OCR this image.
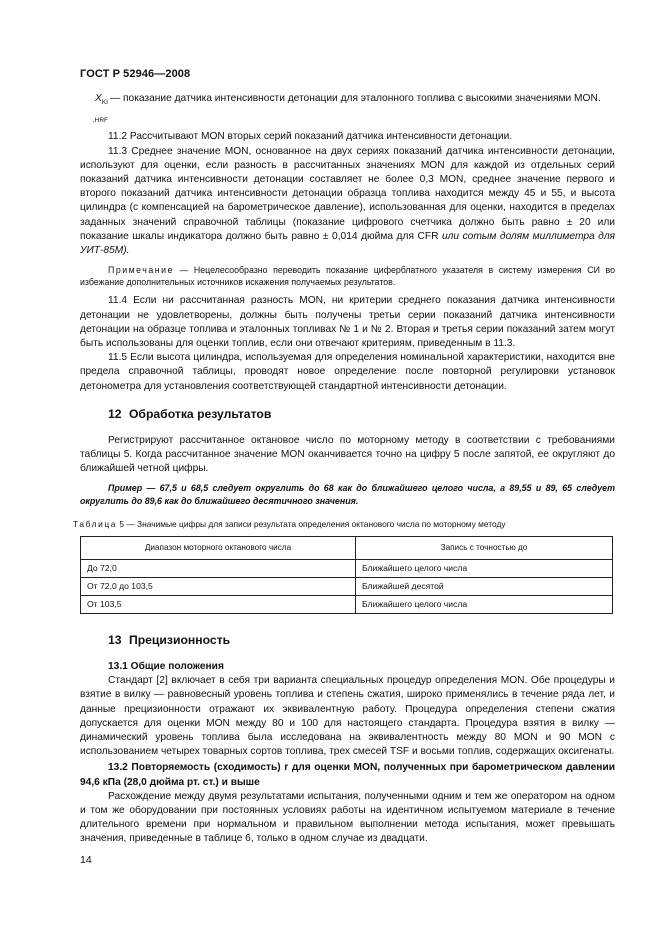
ГОСТ Р 52946—2008
$X_{KI ,HRF}$
— показание датчика интенсивности детонации для эталонного топлива с высокими значениями MON.

11.2 Рассчитывают MON вторых серий показаний датчика интенсивности детонации.

11.3 Среднее значение MON, основанное на двух сериях показаний датчика интенсивности детонации, используют для оценки, если разность в рассчитанных значениях MON для каждой из отдельных серий показаний датчика интенсивности детонации составляет не более 0,3 MON, среднее значение первого и второго показаний датчика интенсивности детонации образца топлива находится между 45 и 55, и высота цилиндра (с компенсацией на барометрическое давление), использованная для оценки, находится в пределах заданных значений справочной таблицы (показание цифрового счетчика должно быть равно ± 20 или показание шкалы индикатора должно быть равно ± 0,014 дюйма для CFR или сотым долям миллиметра для УИТ-85М).

Примечание — Нецелесообразно переводить показание циферблатного указателя в систему измерения СИ во избежание дополнительных источников искажения получаемых результатов.

11.4 Если ни рассчитанная разность MON, ни критерии среднего показания датчика интенсивности детонации не удовлетворены, должны быть получены третьи серии показаний датчика интенсивности детонации на образце топлива и эталонных топливах № 1 и № 2. Вторая и третья серии показаний затем могут быть использованы для оценки топлив, если они отвечают критериям, приведенным в 11.3.

11.5 Если высота цилиндра, используемая для определения номинальной характеристики, находится вне предела справочной таблицы, проводят новое определение после повторной регулировки установок детонометра для установления соответствующей стандартной интенсивности детонации.

12 Обработка результатов

Регистрируют рассчитанное октановое число по моторному методу в соответствии с требованиями таблицы 5. Когда рассчитанное значение MON оканчивается точно на цифру 5 после запятой, ее округляют до ближайшей четной цифры.

Пример — 67,5 и 68,5 следует округлить до 68 как до ближайшего целого числа, а 89,55 и 89, 65 следует округлить до 89,6 как до ближайшего десятичного значения.

Таблица 5 — Значимые цифры для записи результата определения октанового числа по моторному методу

Диапазон моторного октанового числа	Запись с точностью до
До 72,0	Ближайшего целого числа
От 72,0 до 103,5	Ближайшей десятой
От 103,5	Ближайшего целого числа
13 Прецизионность

13.1 Общие положения

Стандарт [2] включает в себя три варианта специальных процедур определения MON. Обе процедуры и взятие в вилку — равновесный уровень топлива и степень сжатия, широко применялись в течение ряда лет, и данные прецизионности отражают их эквивалентную работу. Процедура определения степени сжатия допускается для оценки MON между 80 и 100 для настоящего стандарта. Процедура взятия в вилку — динамический уровень топлива была исследована на эквивалентность между 80 MON и 90 MON с использованием четырех товарных сортов топлива, трех смесей TSF и восьми топлив, содержащих оксигенаты.

13.2 Повторяемость (сходимость) r для оценки MON, полученных при барометрическом давлении 94,6 кПа (28,0 дюйма рт. ст.) и выше

Расхождение между двумя результатами испытания, полученными одним и тем же оператором на одном и том же оборудовании при постоянных условиях работы на идентичном испытуемом материале в течение длительного времени при нормальном и правильном выполнении метода испытания, может превышать значения, приведенные в таблице 6, только в одном случае из двадцати.

14
